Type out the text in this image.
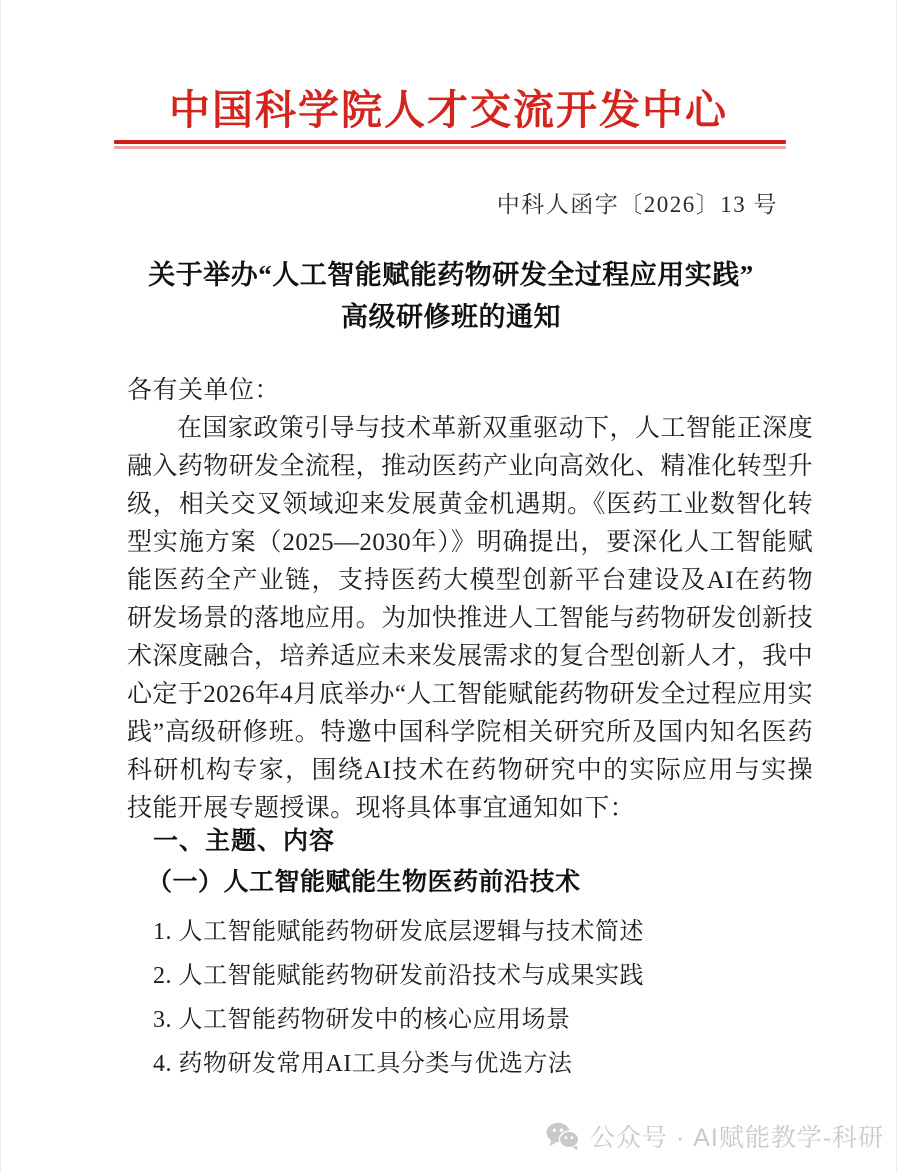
中国科学院人才交流开发中心
中科人函字〔2026〕13 号
关于举办“人工智能赋能药物研发全过程应用实践”
高级研修班的通知
各有关单位：

在国家政策引导与技术革新双重驱动下，人工智能正深度融入药物研发全流程，推动医药产业向高效化、精准化转型升级，相关交叉领域迎来发展黄金机遇期。《医药工业数智化转型实施方案（2025—2030年）》明确提出，要深化人工智能赋能医药全产业链，支持医药大模型创新平台建设及AI在药物研发场景的落地应用。为加快推进人工智能与药物研发创新技术深度融合，培养适应未来发展需求的复合型创新人才，我中心定于2026年4月底举办“人工智能赋能药物研发全过程应用实践”高级研修班。特邀中国科学院相关研究所及国内知名医药科研机构专家，围绕AI技术在药物研究中的实际应用与实操技能开展专题授课。现将具体事宜通知如下：

一、主题、内容
（一）人工智能赋能生物医药前沿技术
1. 人工智能赋能药物研发底层逻辑与技术简述
2. 人工智能赋能药物研发前沿技术与成果实践
3. 人工智能药物研发中的核心应用场景
4. 药物研发常用AI工具分类与优选方法
公众号 · AI赋能教学-科研
